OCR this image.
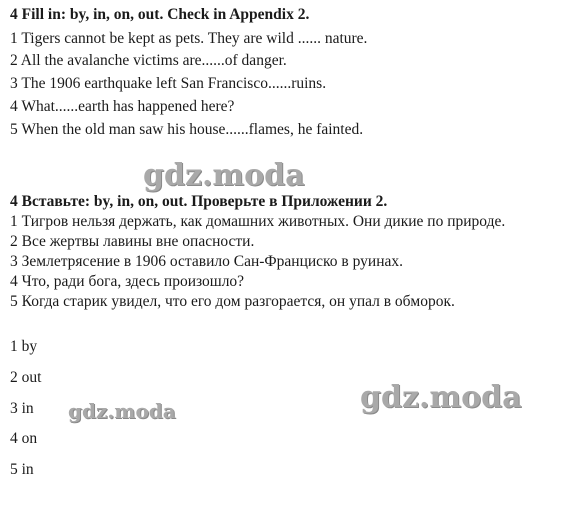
4 Fill in: by, in, on, out. Check in Appendix 2.
1 Tigers cannot be kept as pets. They are wild ...... nature.
2 All the avalanche victims are......of danger.
3 The 1906 earthquake left San Francisco......ruins.
4 What......earth has happened here?
5 When the old man saw his house......flames, he fainted.
gdz.moda
4 Вставьте: by, in, on, out. Проверьте в Приложении 2.
1 Тигров нельзя держать, как домашних животных. Они дикие по природе.
2 Все жертвы лавины вне опасности.
3 Землетрясение в 1906 оставило Сан-Франциско в руинах.
4 Что, ради бога, здесь произошло?
5 Когда старик увидел, что его дом разгорается, он упал в обморок.
1 by
2 out
3 in
4 on
5 in
gdz.moda	gdz.moda
